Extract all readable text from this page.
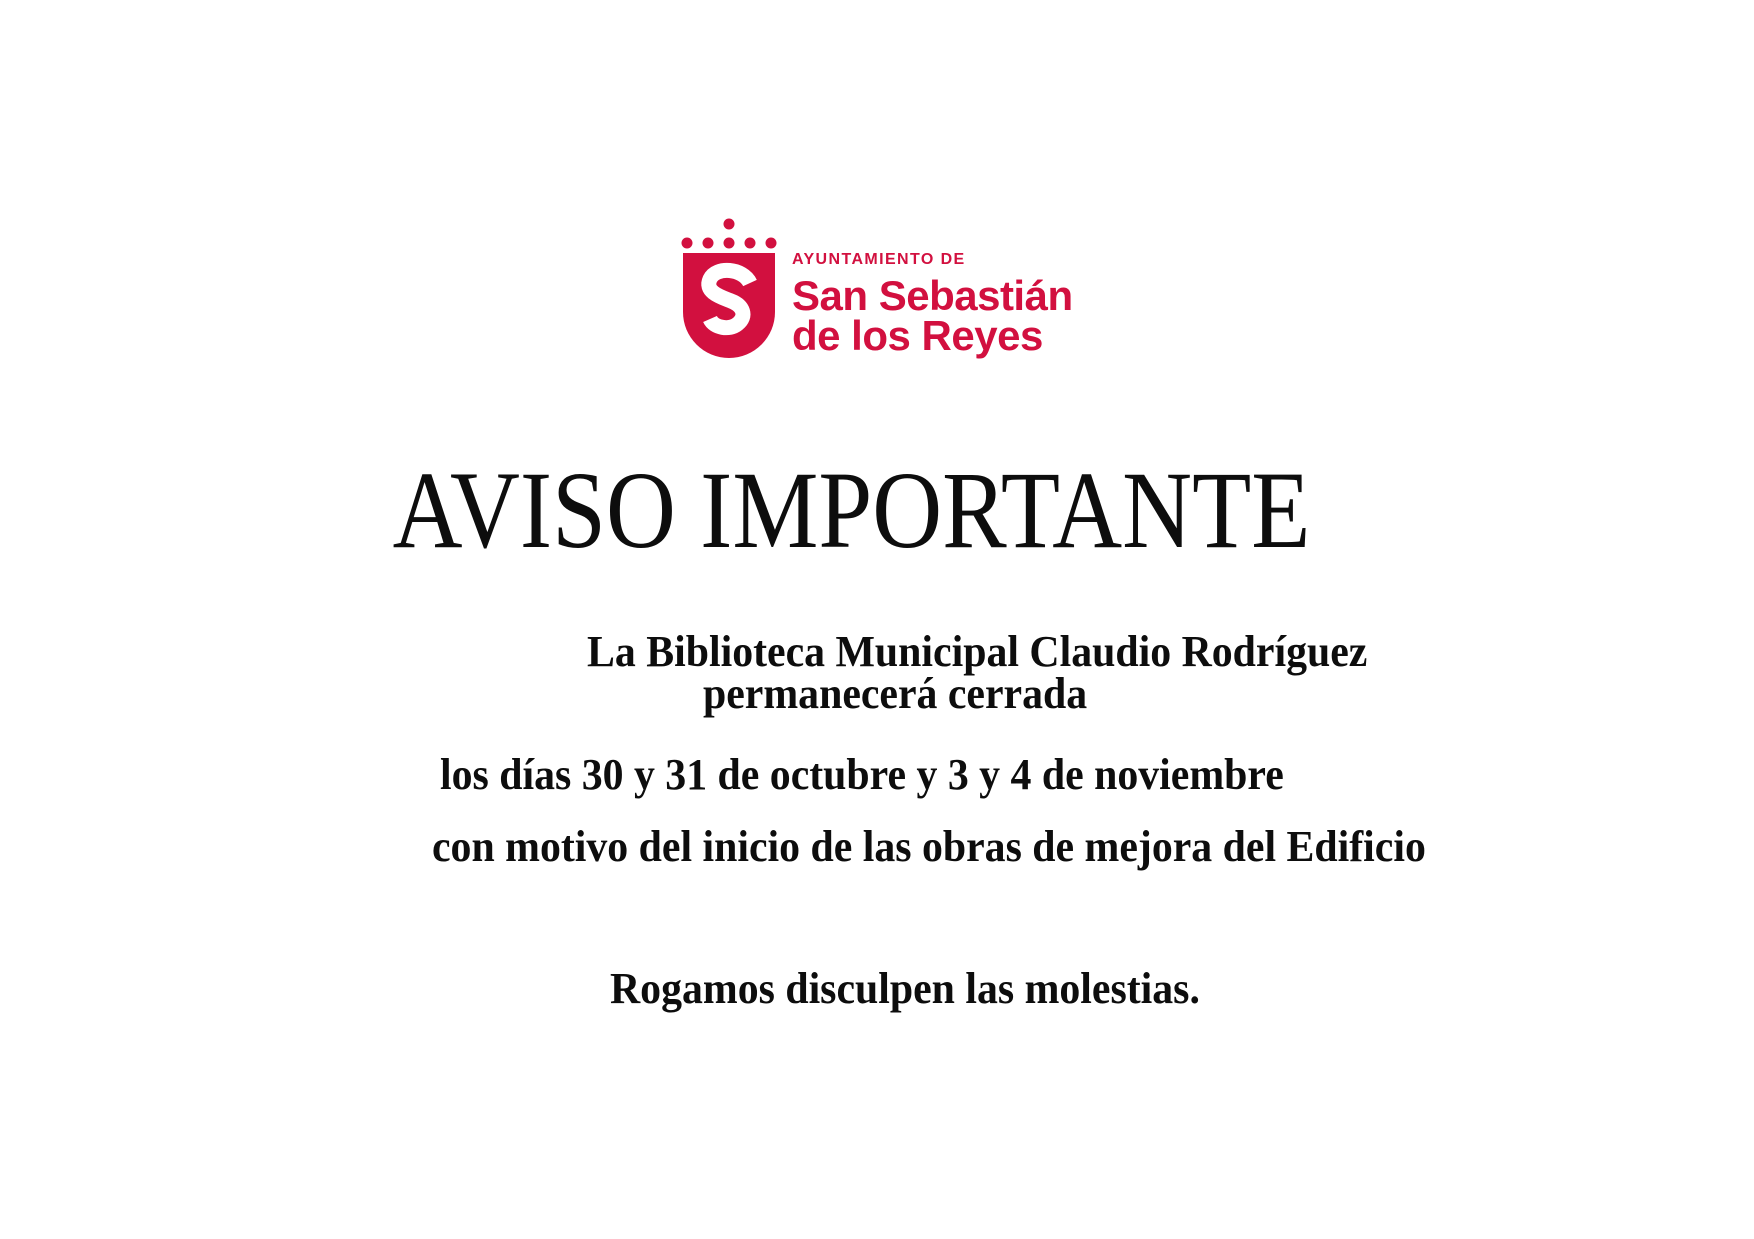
AYUNTAMIENTO DE
San Sebastián
de los Reyes
AVISO IMPORTANTE
La Biblioteca Municipal Claudio Rodríguez
permanecerá cerrada
los días 30 y 31 de octubre y 3 y 4 de noviembre
con motivo del inicio de las obras de mejora del Edificio
Rogamos disculpen las molestias.
